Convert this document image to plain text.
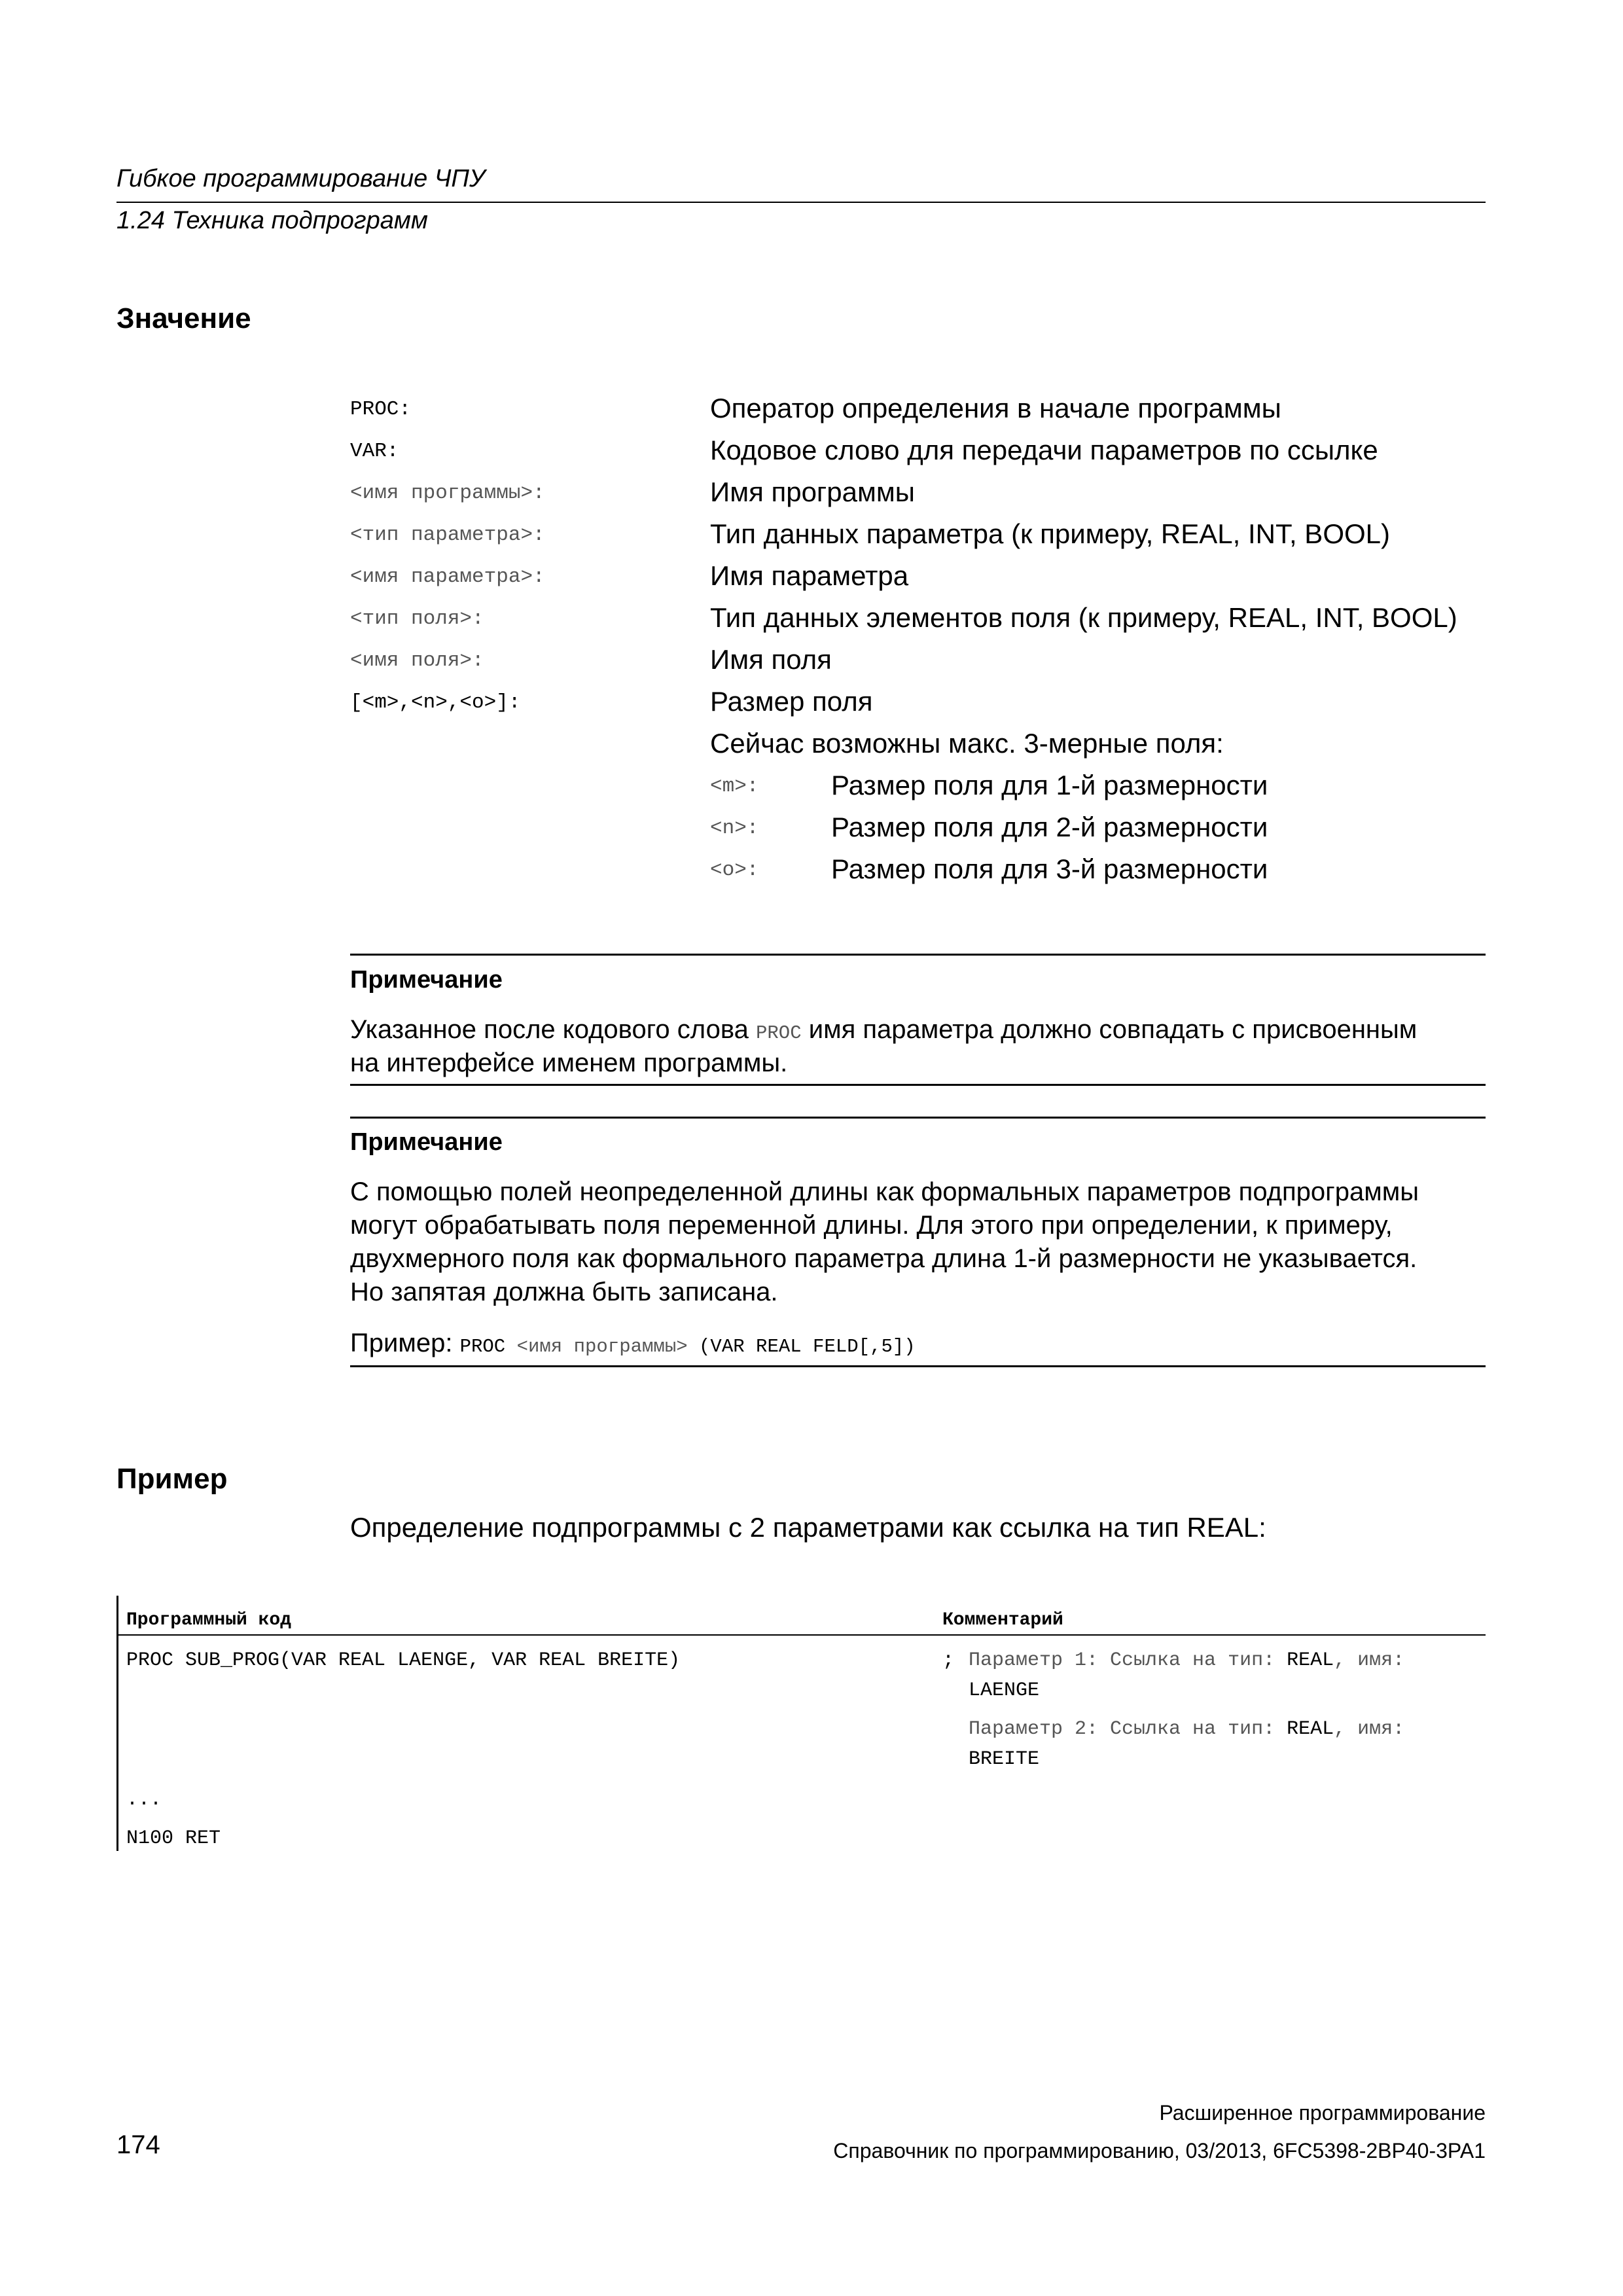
Гибкое программирование ЧПУ
1.24 Техника подпрограмм
Значение
PROC:	Оператор определения в начале программы
VAR:	Кодовое слово для передачи параметров по ссылке
<имя программы>:	Имя программы
<тип параметра>:	Тип данных параметра (к примеру, REAL, INT, BOOL)
<имя параметра>:	Имя параметра
<тип поля>:	Тип данных элементов поля (к примеру, REAL, INT, BOOL)
<имя поля>:	Имя поля
[<m>,<n>,<o>]:	Размер поля
Сейчас возможны макс. 3-мерные поля:
<m>:	Размер поля для 1-й размерности
<n>:	Размер поля для 2-й размерности
<o>:	Размер поля для 3-й размерности
Примечание
Указанное после кодового слова PROC имя параметра должно совпадать с присвоенным
на интерфейсе именем программы.
Примечание
С помощью полей неопределенной длины как формальных параметров подпрограммы
могут обрабатывать поля переменной длины. Для этого при определении, к примеру,
двухмерного поля как формального параметра длина 1-й размерности не указывается.
Но запятая должна быть записана.
Пример: PROC <имя программы> (VAR REAL FELD[,5])
Пример
Определение подпрограммы с 2 параметрами как ссылка на тип REAL:
Программный код	Комментарий
PROC SUB_PROG(VAR REAL LAENGE, VAR REAL BREITE)	; Параметр 1: Ссылка на тип: REAL, имя:
LAENGE
Параметр 2: Ссылка на тип: REAL, имя:
BREITE
...
N100 RET
Расширенное программирование
174	Справочник по программированию, 03/2013, 6FC5398-2BP40-3PA1
